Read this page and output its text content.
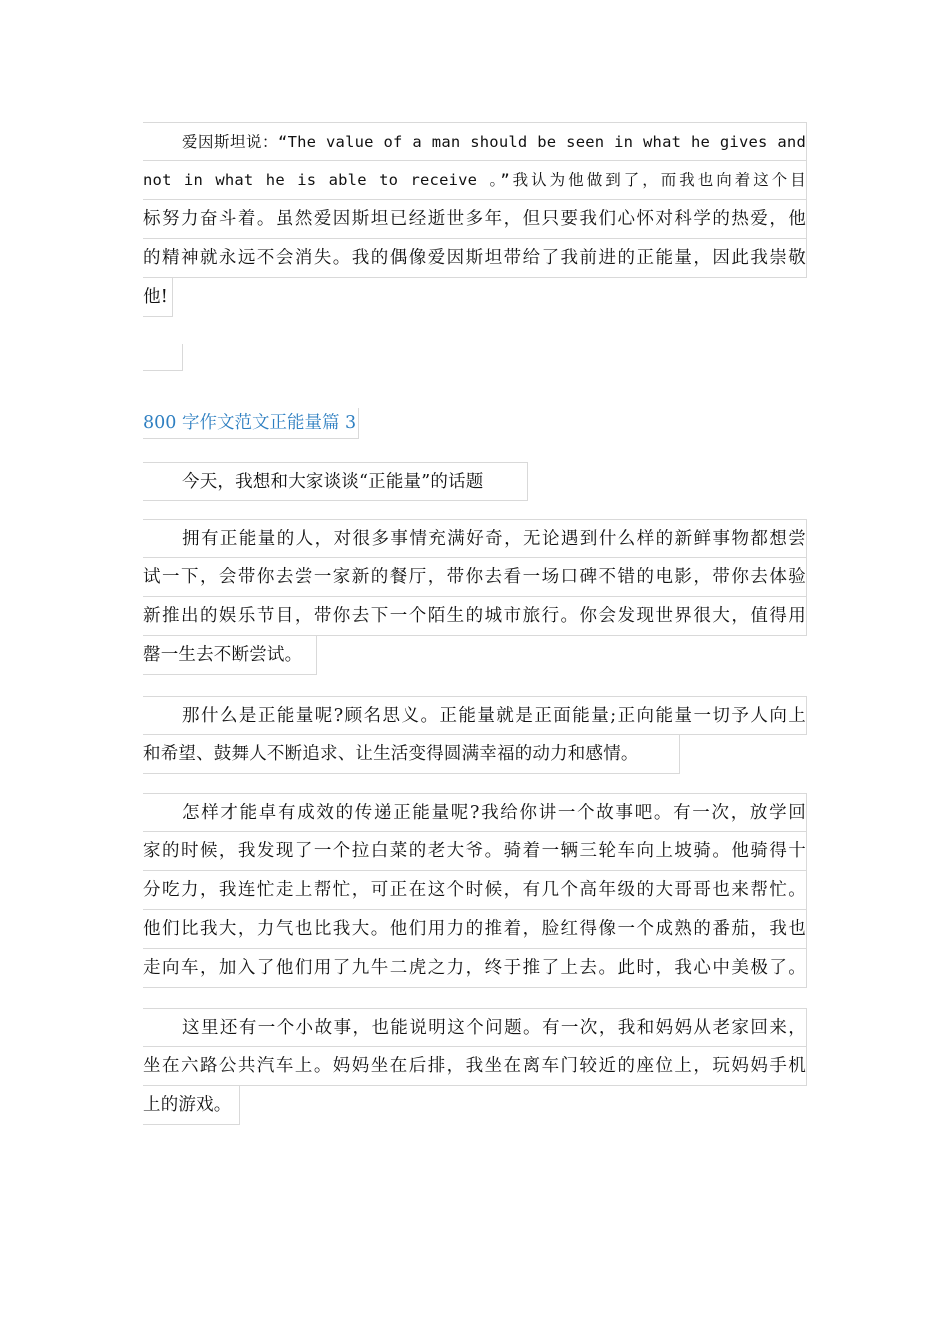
爱因斯坦说：“The value of a man should be seen in what he gives and
not in what he is able to receive 。”我认为他做到了，而我也向着这个目
标努力奋斗着。虽然爱因斯坦已经逝世多年，但只要我们心怀对科学的热爱，他
的精神就永远不会消失。我的偶像爱因斯坦带给了我前进的正能量，因此我崇敬
他!
800 字作文范文正能量篇 3
今天，我想和大家谈谈“正能量”的话题
拥有正能量的人，对很多事情充满好奇，无论遇到什么样的新鲜事物都想尝
试一下，会带你去尝一家新的餐厅，带你去看一场口碑不错的电影，带你去体验
新推出的娱乐节目，带你去下一个陌生的城市旅行。你会发现世界很大，值得用
罄一生去不断尝试。
那什么是正能量呢?顾名思义。正能量就是正面能量;正向能量一切予人向上
和希望、鼓舞人不断追求、让生活变得圆满幸福的动力和感情。
怎样才能卓有成效的传递正能量呢?我给你讲一个故事吧。有一次，放学回
家的时候，我发现了一个拉白菜的老大爷。骑着一辆三轮车向上坡骑。他骑得十
分吃力，我连忙走上帮忙，可正在这个时候，有几个高年级的大哥哥也来帮忙。
他们比我大，力气也比我大。他们用力的推着，脸红得像一个成熟的番茄，我也
走向车，加入了他们用了九牛二虎之力，终于推了上去。此时，我心中美极了。
这里还有一个小故事，也能说明这个问题。有一次，我和妈妈从老家回来，
坐在六路公共汽车上。妈妈坐在后排，我坐在离车门较近的座位上，玩妈妈手机
上的游戏。
